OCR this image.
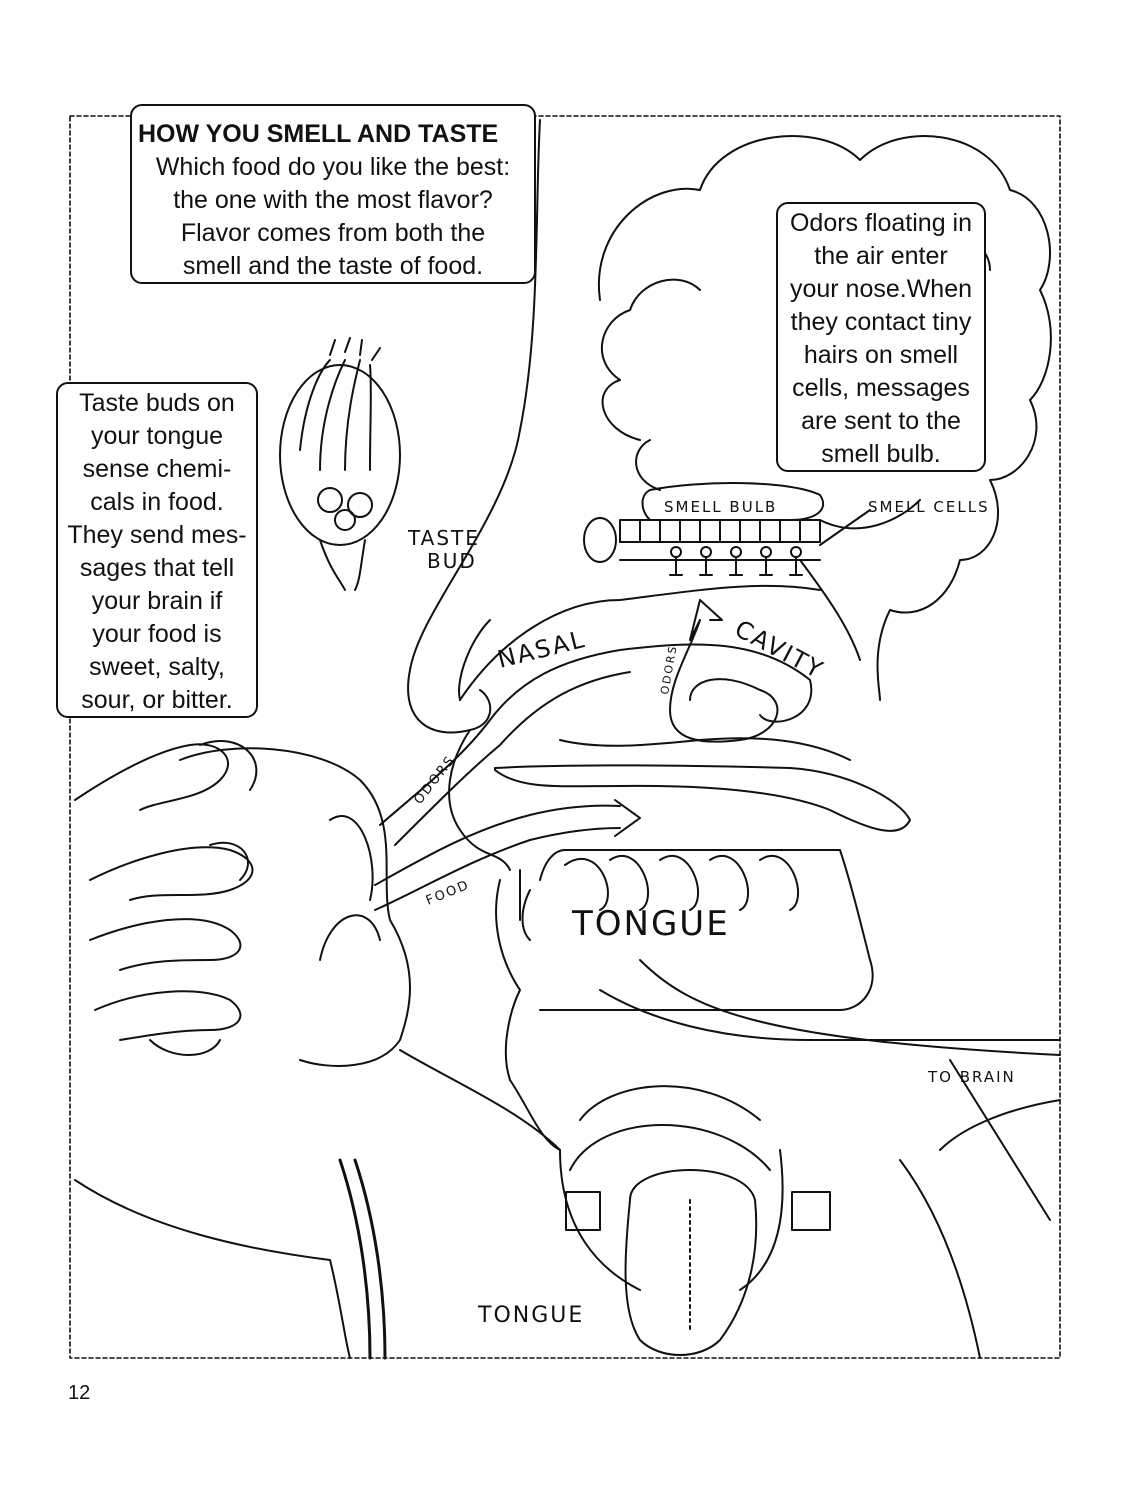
TASTE
BUD
SMELL BULB	SMELL CELLS
NASAL	CAVITY
ODORS
ODORS
FOOD
TONGUE
TO BRAIN
TONGUE
HOW YOU SMELL AND TASTE
Which food do you like the best:
the one with the most flavor?
Flavor comes from both the
smell and the taste of food.
Taste buds on
your tongue
sense chemi-
cals in food.
They send mes-
sages that tell
your brain if
your food is
sweet, salty,
sour, or bitter.
Odors floating in
the air enter
your nose.When
they contact tiny
hairs on smell
cells, messages
are sent to the
smell bulb.
12
